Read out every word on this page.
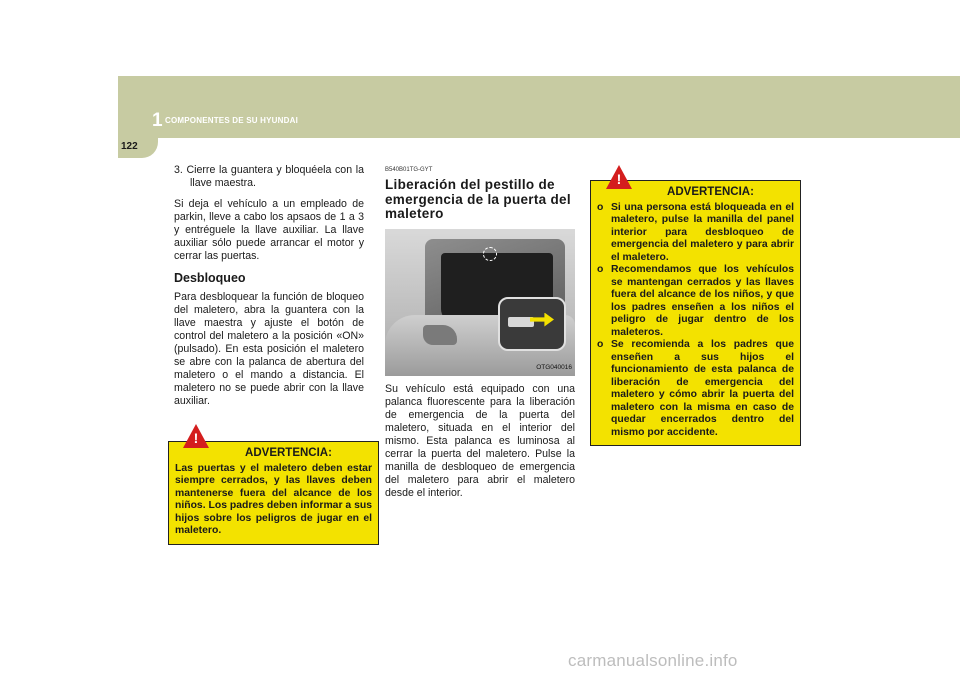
1 COMPONENTES DE SU HYUNDAI
122

3. Cierre la guantera y bloquéela con la llave maestra.

Si deja el vehículo a un empleado de parkin, lleve a cabo los apsaos de 1 a 3 y entréguele la llave auxiliar. La llave auxiliar sólo puede arrancar el motor y cerrar las puertas.

Desbloqueo

Para desbloquear la función de bloqueo del maletero, abra la guantera con la llave maestra y ajuste el botón de control del maletero a la posición «ON» (pulsado). En esta posición el maletero se abre con la palanca de abertura del maletero o el mando a distancia. El maletero no se puede abrir con la llave auxiliar.

ADVERTENCIA:
Las puertas y el maletero deben estar siempre cerrados, y las llaves deben mantenerse fuera del alcance de los niños. Los padres deben informar a sus hijos sobre los peligros de jugar en el maletero.
!

B540B01TG-GYT

Liberación del pestillo de emergencia de la puerta del maletero

OTG040016

Su vehículo está equipado con una palanca fluorescente para la liberación de emergencia de la puerta del maletero, situada en el interior del mismo. Esta palanca es luminosa al cerrar la puerta del maletero. Pulse la manilla de desbloqueo de emergencia del maletero para abrir el maletero desde el interior.

ADVERTENCIA:
o Si una persona está bloqueada en el maletero, pulse la manilla del panel interior para desbloqueo de emergencia del maletero y para abrir el maletero.
o Recomendamos que los vehículos se mantengan cerrados y las llaves fuera del alcance de los niños, y que los padres enseñen a los niños el peligro de jugar dentro de los maleteros.
o Se recomienda a los padres que enseñen a sus hijos el funcionamiento de esta palanca de liberación de emergencia del maletero y cómo abrir la puerta del maletero con la misma en caso de quedar encerrados dentro del mismo por accidente.
!
carmanualsonline.info
